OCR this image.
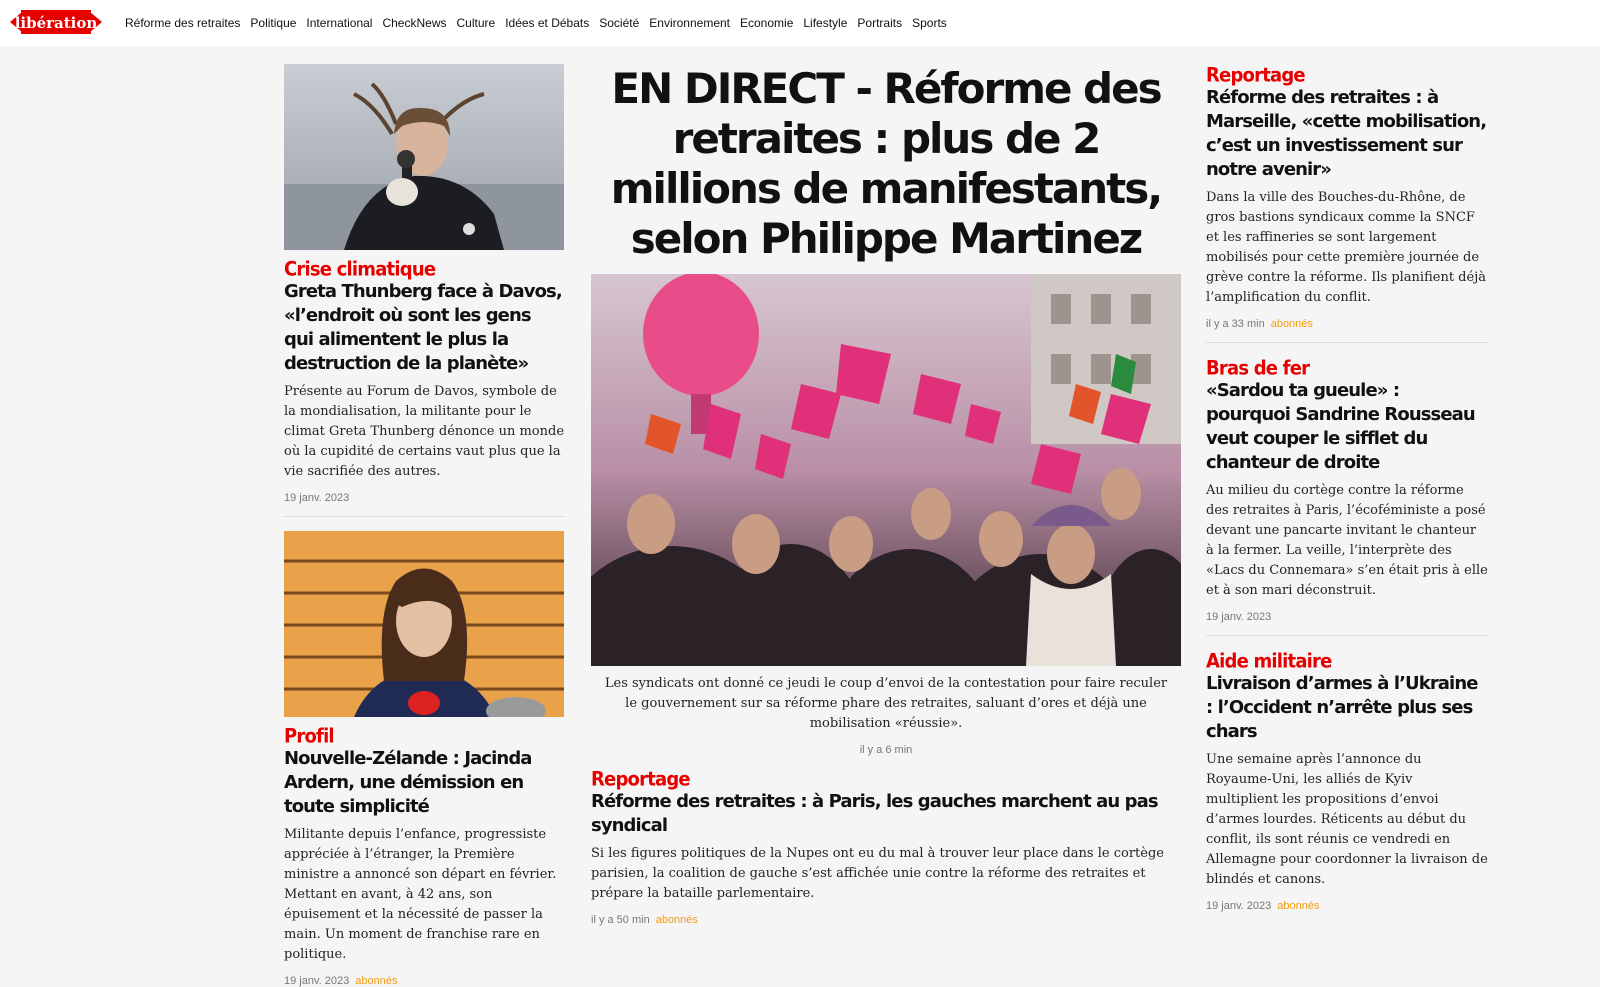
libération Réforme des retraites Politique International CheckNews Culture Idées et Débats Société Environnement Economie Lifestyle Portraits Sports
Crise climatique
Greta Thunberg face à Davos, «l’endroit où sont les gens qui alimentent le plus la destruction de la planète»

Présente au Forum de Davos, symbole de la mondialisation, la militante pour le climat Greta Thunberg dénonce un monde où la cupidité de certains vaut plus que la vie sacrifiée des autres.

19 janv. 2023
Profil
Nouvelle-Zélande : Jacinda Ardern, une démission en toute simplicité

Militante depuis l’enfance, progressiste appréciée à l’étranger, la Première ministre a annoncé son départ en février. Mettant en avant, à 42 ans, son épuisement et la nécessité de passer la main. Un moment de franchise rare en politique.

19 janv. 2023 abonnés
EN DIRECT - Réforme des retraites : plus de 2 millions de manifestants, selon Philippe Martinez

Les syndicats ont donné ce jeudi le coup d’envoi de la contestation pour faire reculer le gouvernement sur sa réforme phare des retraites, saluant d’ores et déjà une mobilisation «réussie».

il y a 6 min
Reportage
Réforme des retraites : à Paris, les gauches marchent au pas syndical

Si les figures politiques de la Nupes ont eu du mal à trouver leur place dans le cortège parisien, la coalition de gauche s’est affichée unie contre la réforme des retraites et prépare la bataille parlementaire.

il y a 50 min abonnés
Reportage
Réforme des retraites : à Marseille, «cette mobilisation, c’est un investissement sur notre avenir»

Dans la ville des Bouches-du-Rhône, de gros bastions syndicaux comme la SNCF et les raffineries se sont largement mobilisés pour cette première journée de grève contre la réforme. Ils planifient déjà l’amplification du conflit.

il y a 33 min abonnés
Bras de fer
«Sardou ta gueule» : pourquoi Sandrine Rousseau veut couper le sifflet du chanteur de droite

Au milieu du cortège contre la réforme des retraites à Paris, l’écoféministe a posé devant une pancarte invitant le chanteur à la fermer. La veille, l’interprète des «Lacs du Connemara» s’en était pris à elle et à son mari déconstruit.

19 janv. 2023
Aide militaire
Livraison d’armes à l’Ukraine : l’Occident n’arrête plus ses chars

Une semaine après l’annonce du Royaume-Uni, les alliés de Kyiv multiplient les propositions d’envoi d’armes lourdes. Réticents au début du conflit, ils sont réunis ce vendredi en Allemagne pour coordonner la livraison de blindés et canons.

19 janv. 2023 abonnés
